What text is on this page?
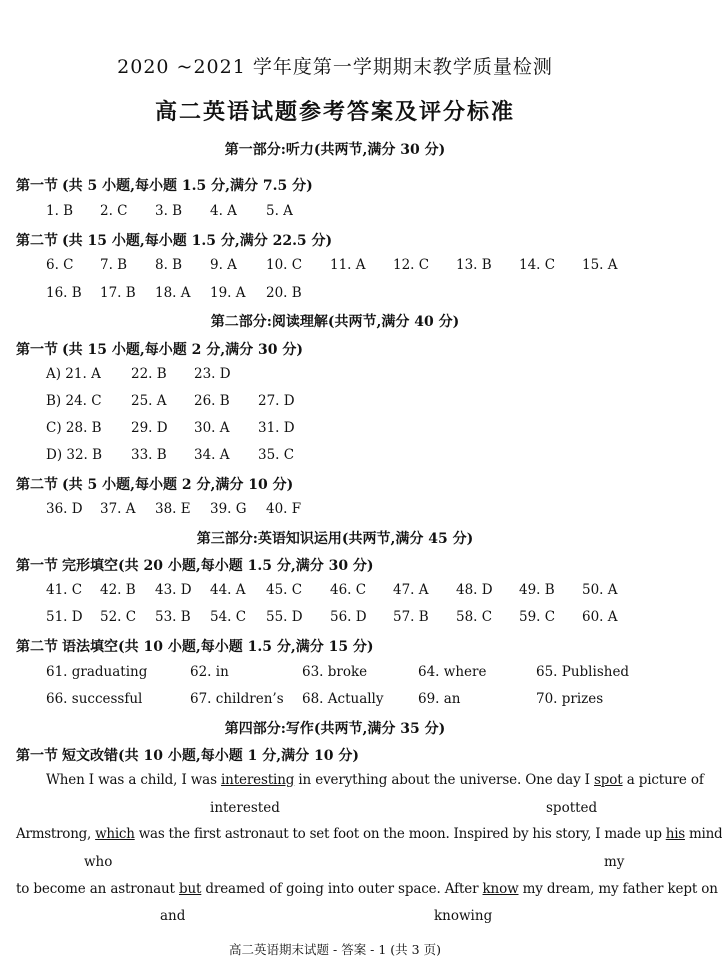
2020 ~2021 学年度第一学期期末教学质量检测
高二英语试题参考答案及评分标准
第一部分:听力(共两节,满分 30 分)
第一节 (共 5 小题,每小题 1.5 分,满分 7.5 分)
1. B 2. C 3. B 4. A 5. A
第二节 (共 15 小题,每小题 1.5 分,满分 22.5 分)
6. C 7. B 8. B 9. A 10. C 11. A 12. C 13. B 14. C 15. A
16. B 17. B 18. A 19. A 20. B
第二部分:阅读理解(共两节,满分 40 分)
第一节 (共 15 小题,每小题 2 分,满分 30 分)
A) 21. A 22. B 23. D
B) 24. C 25. A 26. B 27. D
C) 28. B 29. D 30. A 31. D
D) 32. B 33. B 34. A 35. C
第二节 (共 5 小题,每小题 2 分,满分 10 分)
36. D 37. A 38. E 39. G 40. F
第三部分:英语知识运用(共两节,满分 45 分)
第一节 完形填空(共 20 小题,每小题 1.5 分,满分 30 分)
41. C 42. B 43. D 44. A 45. C 46. C 47. A 48. D 49. B 50. A
51. D 52. C 53. B 54. C 55. D 56. D 57. B 58. C 59. C 60. A
第二节 语法填空(共 10 小题,每小题 1.5 分,满分 15 分)
61. graduating	62. in	63. broke	64. where	65. Published
66. successful	67. children’s 68. Actually	69. an	70. prizes
第四部分:写作(共两节,满分 35 分)
第一节 短文改错(共 10 小题,每小题 1 分,满分 10 分)
When I was a child, I was interesting in everything about the universe. One day I spot a picture of
interested	spotted
Armstrong, which was the first astronaut to set foot on the moon. Inspired by his story, I made up his mind
who	my
to become an astronaut but dreamed of going into outer space. After know my dream, my father kept on
and	knowing
高二英语期末试题 - 答案 - 1 (共 3 页)
